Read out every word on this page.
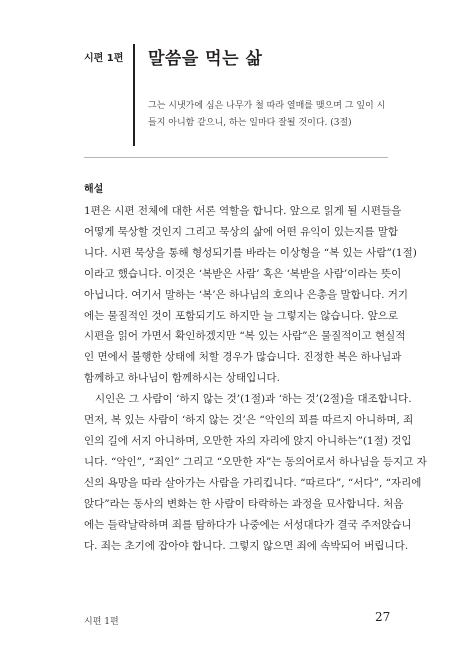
시편 1편 말씀을 먹는 삶
그는 시냇가에 심은 나무가 철 따라 열매를 맺으며 그 잎이 시들지 아니함 같으니, 하는 일마다 잘될 것이다. (3절)
해설

1편은 시편 전체에 대한 서론 역할을 합니다. 앞으로 읽게 될 시편들을
어떻게 묵상할 것인지 그리고 묵상의 삶에 어떤 유익이 있는지를 말합
니다. 시편 묵상을 통해 형성되기를 바라는 이상형을 “복 있는 사람”(1절)
이라고 했습니다. 이것은 ‘복받은 사람’ 혹은 ‘복받을 사람’이라는 뜻이
아닙니다. 여기서 말하는 ‘복’은 하나님의 호의나 은총을 말합니다. 거기
에는 물질적인 것이 포함되기도 하지만 늘 그렇지는 않습니다. 앞으로
시편을 읽어 가면서 확인하겠지만 “복 있는 사람”은 물질적이고 현실적
인 면에서 불행한 상태에 처할 경우가 많습니다. 진정한 복은 하나님과
함께하고 하나님이 함께하시는 상태입니다.

시인은 그 사람이 ‘하지 않는 것’(1절)과 ‘하는 것’(2절)을 대조합니다.
먼저, 복 있는 사람이 ‘하지 않는 것’은 “악인의 꾀를 따르지 아니하며, 죄
인의 길에 서지 아니하며, 오만한 자의 자리에 앉지 아니하는”(1절) 것입
니다. “악인”, “죄인” 그리고 “오만한 자”는 동의어로서 하나님을 등지고 자
신의 욕망을 따라 살아가는 사람을 가리킵니다. “따르다”, “서다”, “자리에
앉다”라는 동사의 변화는 한 사람이 타락하는 과정을 묘사합니다. 처음
에는 들락날락하며 죄를 탐하다가 나중에는 서성대다가 결국 주저앉습니
다. 죄는 초기에 잡아야 합니다. 그렇지 않으면 죄에 속박되어 버립니다.

시편 1편	27
